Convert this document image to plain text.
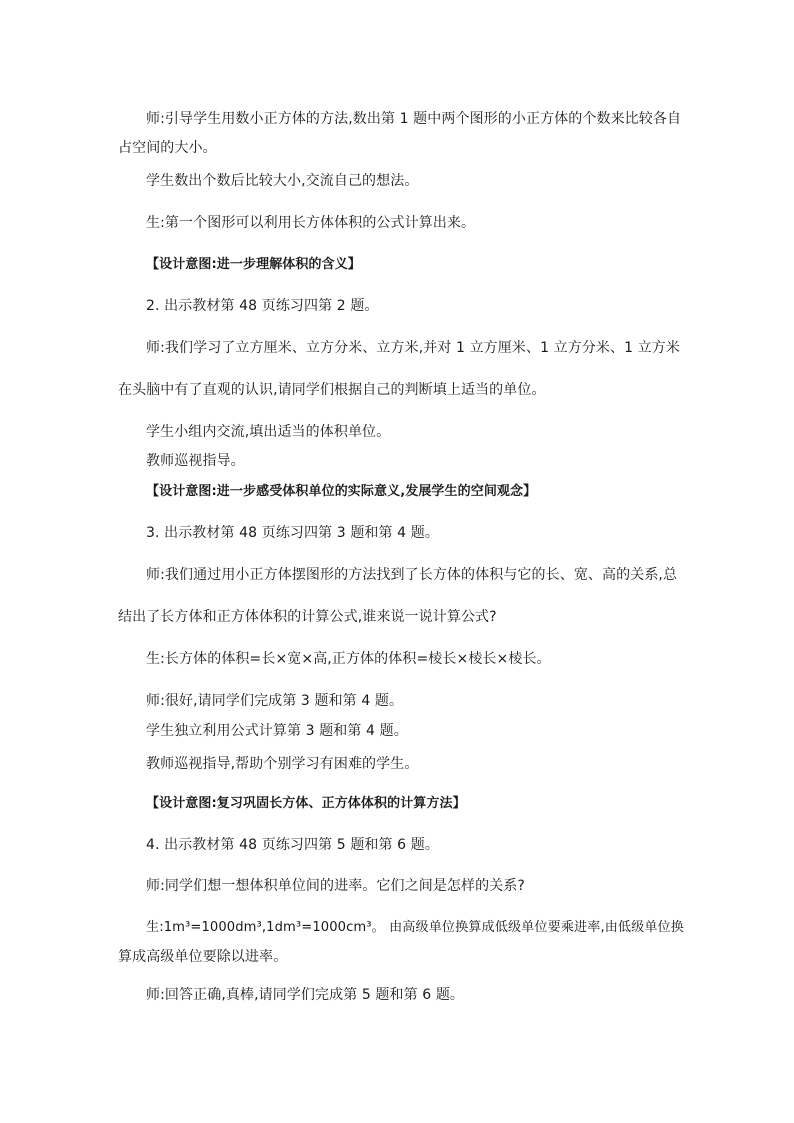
师:引导学生用数小正方体的方法,数出第 1 题中两个图形的小正方体的个数来比较各自
占空间的大小。
学生数出个数后比较大小,交流自己的想法。
生:第一个图形可以利用长方体体积的公式计算出来。
【设计意图:进一步理解体积的含义】
2. 出示教材第 48 页练习四第 2 题。
师:我们学习了立方厘米、立方分米、立方米,并对 1 立方厘米、1 立方分米、1 立方米
在头脑中有了直观的认识,请同学们根据自己的判断填上适当的单位。
学生小组内交流,填出适当的体积单位。
教师巡视指导。
【设计意图:进一步感受体积单位的实际意义,发展学生的空间观念】
3. 出示教材第 48 页练习四第 3 题和第 4 题。
师:我们通过用小正方体摆图形的方法找到了长方体的体积与它的长、宽、高的关系,总
结出了长方体和正方体体积的计算公式,谁来说一说计算公式?
生:长方体的体积=长×宽×高,正方体的体积=棱长×棱长×棱长。
师:很好,请同学们完成第 3 题和第 4 题。
学生独立利用公式计算第 3 题和第 4 题。
教师巡视指导,帮助个别学习有困难的学生。
【设计意图:复习巩固长方体、正方体体积的计算方法】
4. 出示教材第 48 页练习四第 5 题和第 6 题。
师:同学们想一想体积单位间的进率。它们之间是怎样的关系?
生:1m³=1000dm³,1dm³=1000cm³。 由高级单位换算成低级单位要乘进率,由低级单位换
算成高级单位要除以进率。
师:回答正确,真棒,请同学们完成第 5 题和第 6 题。
